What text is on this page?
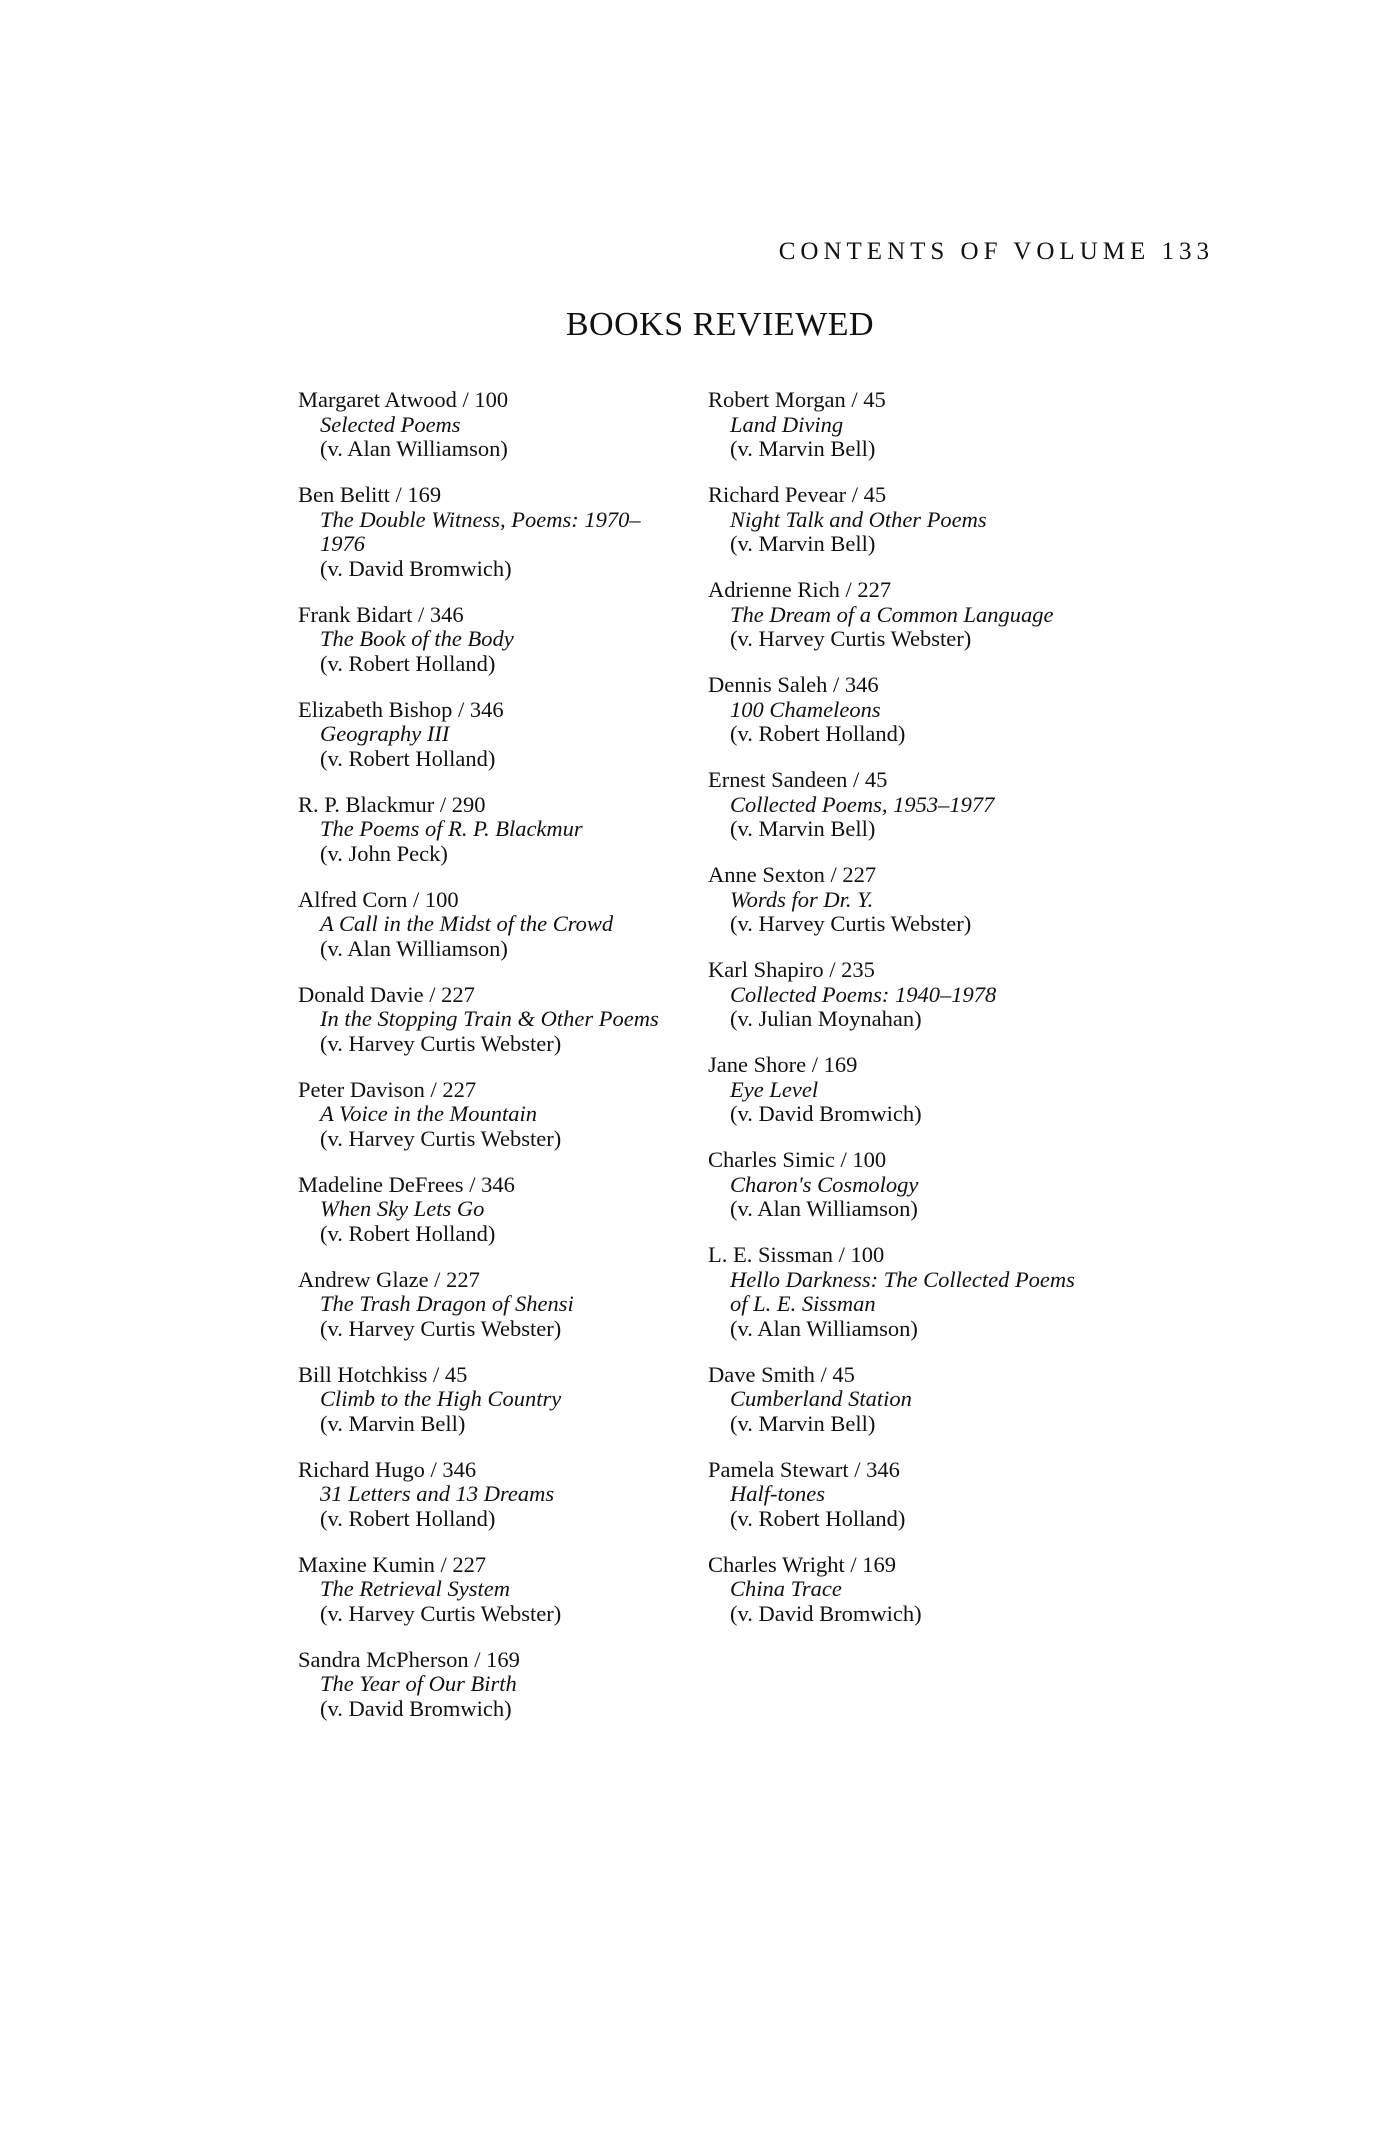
CONTENTS OF VOLUME 133
BOOKS REVIEWED
Margaret Atwood / 100
Selected Poems
(v. Alan Williamson)
Ben Belitt / 169
The Double Witness, Poems: 1970–
1976
(v. David Bromwich)
Frank Bidart / 346
The Book of the Body
(v. Robert Holland)
Elizabeth Bishop / 346
Geography III
(v. Robert Holland)
R. P. Blackmur / 290
The Poems of R. P. Blackmur
(v. John Peck)
Alfred Corn / 100
A Call in the Midst of the Crowd
(v. Alan Williamson)
Donald Davie / 227
In the Stopping Train & Other Poems
(v. Harvey Curtis Webster)
Peter Davison / 227
A Voice in the Mountain
(v. Harvey Curtis Webster)
Madeline DeFrees / 346
When Sky Lets Go
(v. Robert Holland)
Andrew Glaze / 227
The Trash Dragon of Shensi
(v. Harvey Curtis Webster)
Bill Hotchkiss / 45
Climb to the High Country
(v. Marvin Bell)
Richard Hugo / 346
31 Letters and 13 Dreams
(v. Robert Holland)
Maxine Kumin / 227
The Retrieval System
(v. Harvey Curtis Webster)
Sandra McPherson / 169
The Year of Our Birth
(v. David Bromwich)
Robert Morgan / 45
Land Diving
(v. Marvin Bell)
Richard Pevear / 45
Night Talk and Other Poems
(v. Marvin Bell)
Adrienne Rich / 227
The Dream of a Common Language
(v. Harvey Curtis Webster)
Dennis Saleh / 346
100 Chameleons
(v. Robert Holland)
Ernest Sandeen / 45
Collected Poems, 1953–1977
(v. Marvin Bell)
Anne Sexton / 227
Words for Dr. Y.
(v. Harvey Curtis Webster)
Karl Shapiro / 235
Collected Poems: 1940–1978
(v. Julian Moynahan)
Jane Shore / 169
Eye Level
(v. David Bromwich)
Charles Simic / 100
Charon's Cosmology
(v. Alan Williamson)
L. E. Sissman / 100
Hello Darkness: The Collected Poems
of L. E. Sissman
(v. Alan Williamson)
Dave Smith / 45
Cumberland Station
(v. Marvin Bell)
Pamela Stewart / 346
Half-tones
(v. Robert Holland)
Charles Wright / 169
China Trace
(v. David Bromwich)
